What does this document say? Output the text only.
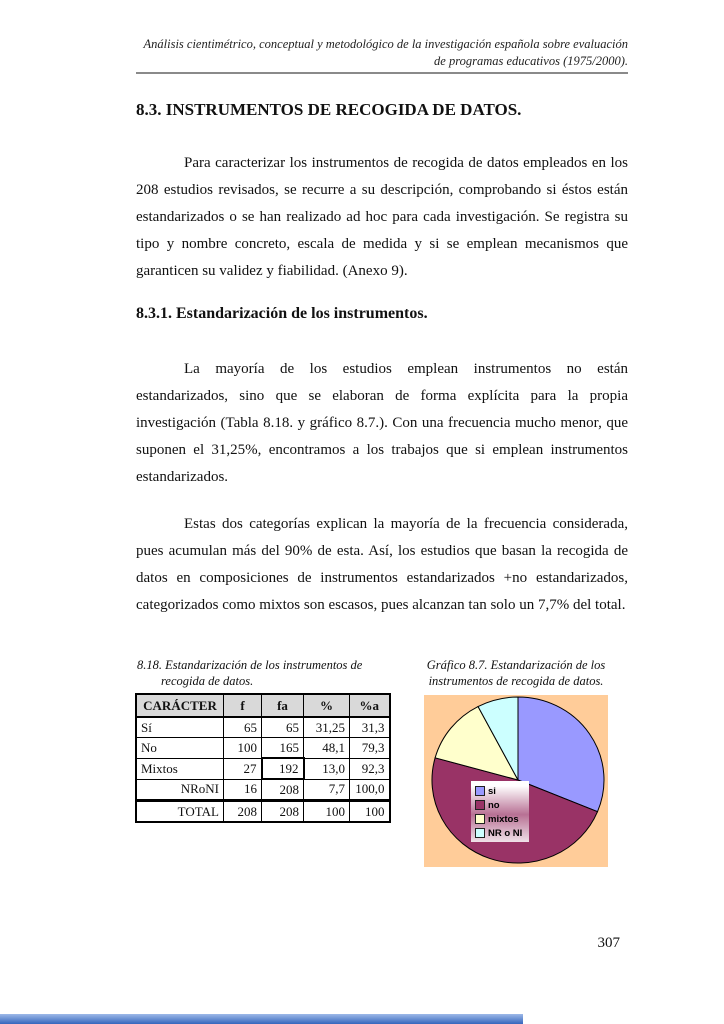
Análisis cientimétrico, conceptual y metodológico de la investigación española sobre evaluación
de programas educativos (1975/2000).
8.3. INSTRUMENTOS DE RECOGIDA DE DATOS.
Para caracterizar los instrumentos de recogida de datos empleados en los 208 estudios revisados, se recurre a su descripción, comprobando si éstos están estandarizados o se han realizado ad hoc para cada investigación. Se registra su tipo y nombre concreto, escala de medida y si se emplean mecanismos que garanticen su validez y fiabilidad. (Anexo 9).
8.3.1. Estandarización de los instrumentos.
La mayoría de los estudios emplean instrumentos no están estandarizados, sino que se elaboran de forma explícita para la propia investigación (Tabla 8.18. y gráfico 8.7.). Con una frecuencia mucho menor, que suponen el 31,25%, encontramos a los trabajos que si emplean instrumentos estandarizados.
Estas dos categorías explican la mayoría de la frecuencia considerada, pues acumulan más del 90% de esta. Así, los estudios que basan la recogida de datos en composiciones de instrumentos estandarizados +no estandarizados, categorizados como mixtos son escasos, pues alcanzan tan solo un 7,7% del total.
8.18. Estandarización de los instrumentos de
recogida de datos.
CARÁCTER	f	fa	%	%a
Sí	65	65	31,25	31,3
No	100	165	48,1	79,3
Mixtos	27	192	13,0	92,3
NRoNI	16	208	7,7	100,0
TOTAL	208	208	100	100
Gráfico 8.7. Estandarización de los
instrumentos de recogida de datos.
si
no
mixtos
NR o NI
307
